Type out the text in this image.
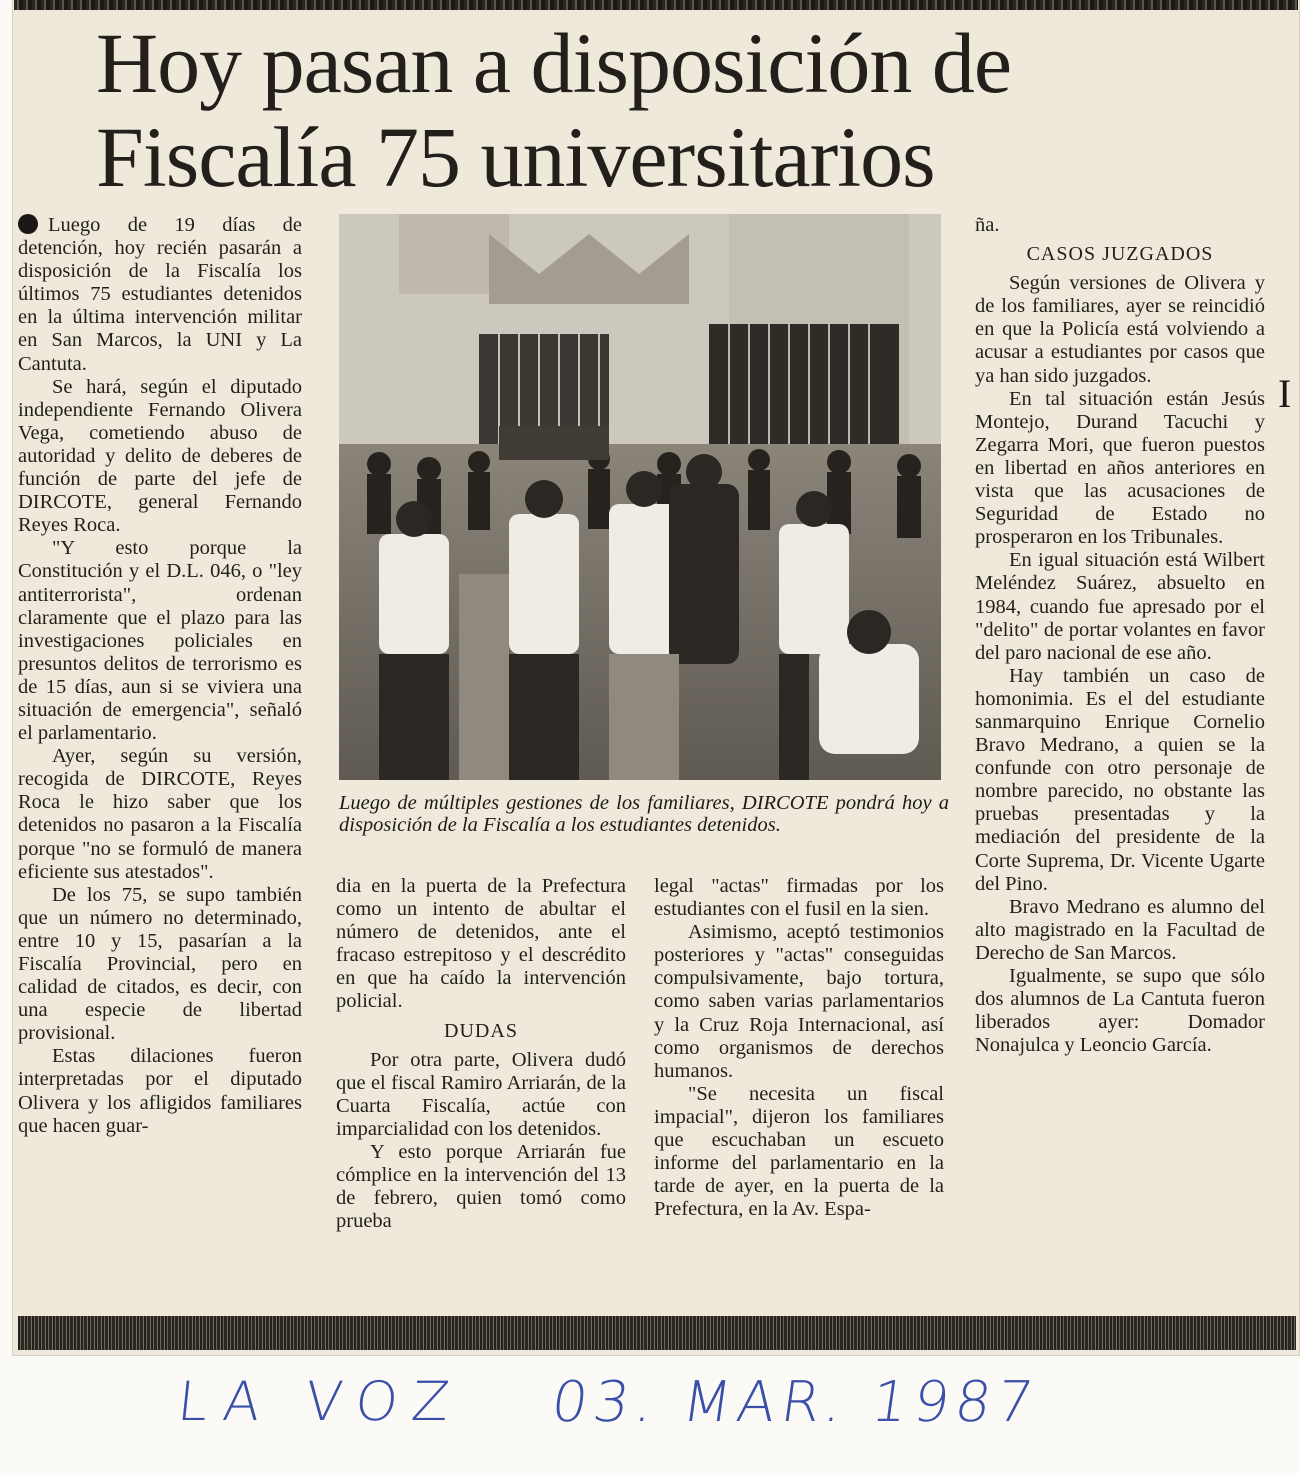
Hoy pasan a disposición de
Fiscalía 75 universitarios

Luego de 19 días de detención, hoy recién pasarán a disposición de la Fiscalía los últimos 75 estudiantes detenidos en la última intervención militar en San Marcos, la UNI y La Cantuta.

Se hará, según el diputado independiente Fernando Olivera Vega, cometiendo abuso de autoridad y delito de deberes de función de parte del jefe de DIRCOTE, general Fernando Reyes Roca.

"Y esto porque la Constitución y el D.L. 046, o "ley antiterrorista", ordenan claramente que el plazo para las investigaciones policiales en presuntos delitos de terrorismo es de 15 días, aun si se viviera una situación de emergencia", señaló el parlamentario.

Ayer, según su versión, recogida de DIRCOTE, Reyes Roca le hizo saber que los detenidos no pasaron a la Fiscalía porque "no se formuló de manera eficiente sus atestados".

De los 75, se supo también que un número no determinado, entre 10 y 15, pasarían a la Fiscalía Provincial, pero en calidad de citados, es decir, con una especie de libertad provisional.

Estas dilaciones fueron interpretadas por el diputado Olivera y los afligidos familiares que hacen guar-

Luego de múltiples gestiones de los familiares, DIRCOTE pondrá hoy a disposición de la Fiscalía a los estudiantes detenidos.

dia en la puerta de la Prefectura como un intento de abultar el número de detenidos, ante el fracaso estrepitoso y el descrédito en que ha caído la intervención policial.

DUDAS

Por otra parte, Olivera dudó que el fiscal Ramiro Arriarán, de la Cuarta Fiscalía, actúe con imparcialidad con los detenidos.

Y esto porque Arriarán fue cómplice en la intervención del 13 de febrero, quien tomó como prueba

legal "actas" firmadas por los estudiantes con el fusil en la sien.

Asimismo, aceptó testimonios posteriores y "actas" conseguidas compulsivamente, bajo tortura, como saben varias parlamentarios y la Cruz Roja Internacional, así como organismos de derechos humanos.

"Se necesita un fiscal impacial", dijeron los familiares que escuchaban un escueto informe del parlamentario en la tarde de ayer, en la puerta de la Prefectura, en la Av. Espa-

ña.

CASOS JUZGADOS

Según versiones de Olivera y de los familiares, ayer se reincidió en que la Policía está volviendo a acusar a estudiantes por casos que ya han sido juzgados.

En tal situación están Jesús Montejo, Durand Tacuchi y Zegarra Mori, que fueron puestos en libertad en años anteriores en vista que las acusaciones de Seguridad de Estado no prosperaron en los Tribunales.

En igual situación está Wilbert Meléndez Suárez, absuelto en 1984, cuando fue apresado por el "delito" de portar volantes en favor del paro nacional de ese año.

Hay también un caso de homonimia. Es el del estudiante sanmarquino Enrique Cornelio Bravo Medrano, a quien se la confunde con otro personaje de nombre parecido, no obstante las pruebas presentadas y la mediación del presidente de la Corte Suprema, Dr. Vicente Ugarte del Pino.

Bravo Medrano es alumno del alto magistrado en la Facultad de Derecho de San Marcos.

Igualmente, se supo que sólo dos alumnos de La Cantuta fueron liberados ayer: Domador Nonajulca y Leoncio García.

I

LA VOZ 03. MAR. 1987
